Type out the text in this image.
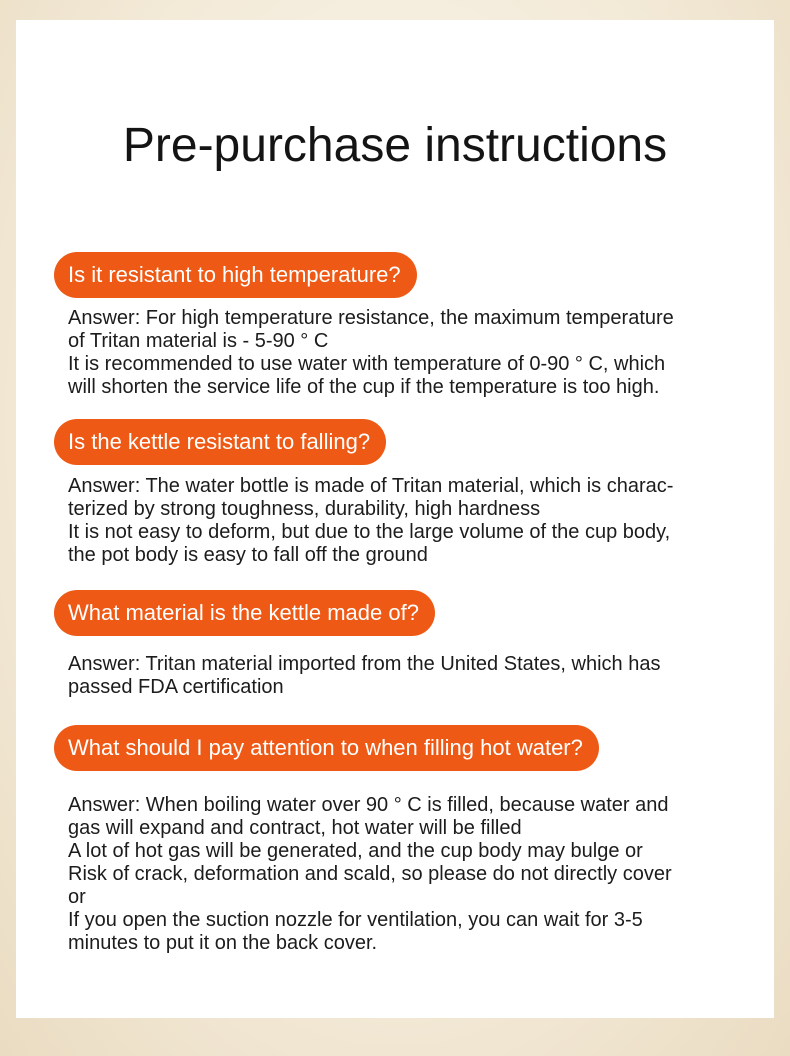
Pre-purchase instructions
Is it resistant to high temperature?

Answer: For high temperature resistance, the maximum temperature
of Tritan material is - 5-90 ° C
It is recommended to use water with temperature of 0-90 ° C, which
will shorten the service life of the cup if the temperature is too high.

Is the kettle resistant to falling?

Answer: The water bottle is made of Tritan material, which is charac-
terized by strong toughness, durability, high hardness
It is not easy to deform, but due to the large volume of the cup body,
the pot body is easy to fall off the ground

What material is the kettle made of?

Answer: Tritan material imported from the United States, which has
passed FDA certification

What should I pay attention to when filling hot water?

Answer: When boiling water over 90 ° C is filled, because water and
gas will expand and contract, hot water will be filled
A lot of hot gas will be generated, and the cup body may bulge or
Risk of crack, deformation and scald, so please do not directly cover
or
If you open the suction nozzle for ventilation, you can wait for 3-5
minutes to put it on the back cover.
